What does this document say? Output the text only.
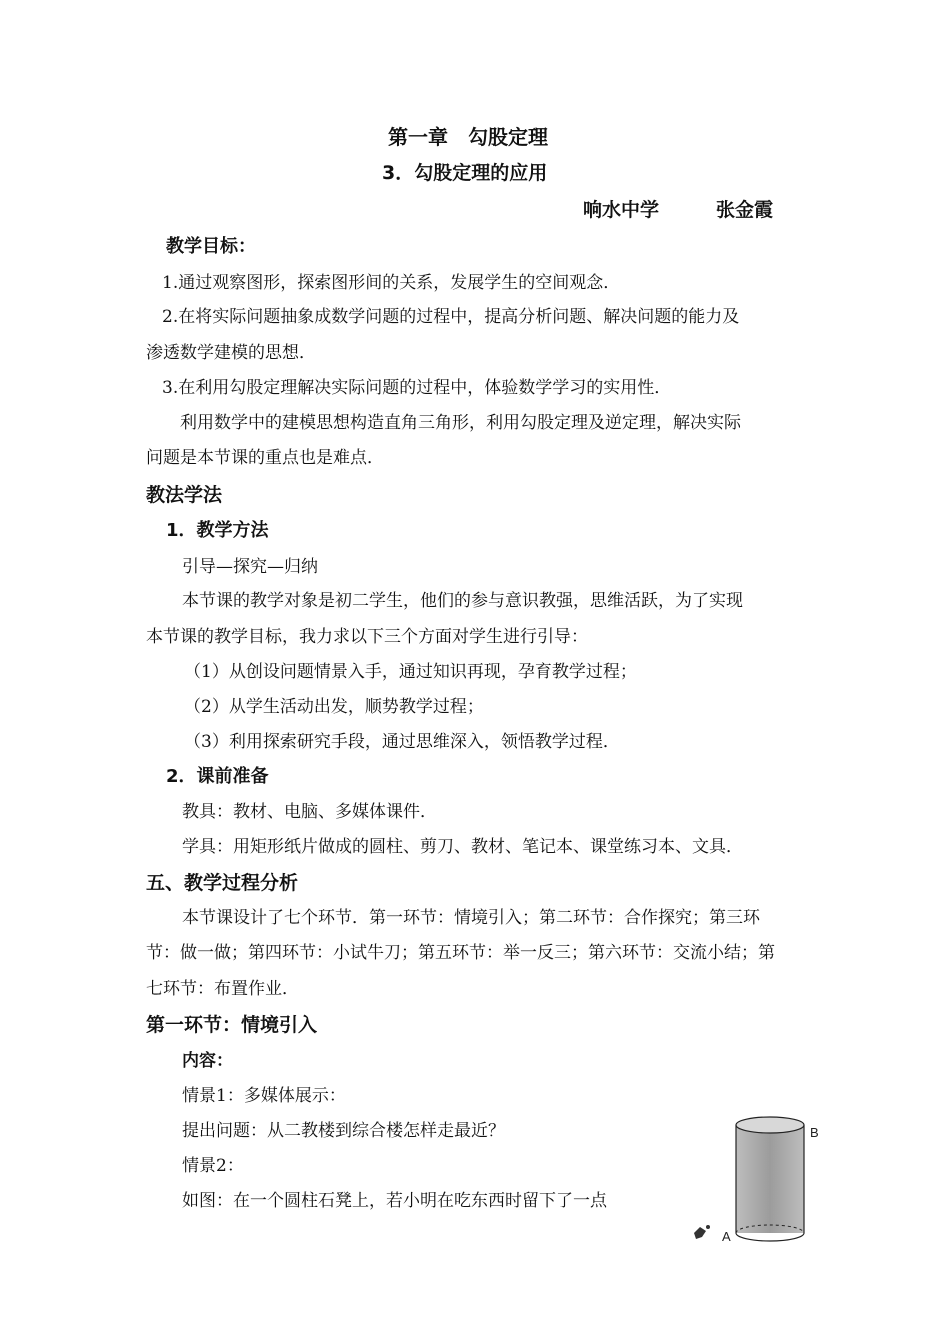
第一章　勾股定理
3．勾股定理的应用
响水中学	张金霞
教学目标：
1.通过观察图形，探索图形间的关系，发展学生的空间观念．
2.在将实际问题抽象成数学问题的过程中，提高分析问题、解决问题的能力及
渗透数学建模的思想．
3.在利用勾股定理解决实际问题的过程中，体验数学学习的实用性．
利用数学中的建模思想构造直角三角形，利用勾股定理及逆定理，解决实际
问题是本节课的重点也是难点．
教法学法
1．教学方法
引导—探究—归纳
本节课的教学对象是初二学生，他们的参与意识教强，思维活跃，为了实现
本节课的教学目标，我力求以下三个方面对学生进行引导：
（1）从创设问题情景入手，通过知识再现，孕育教学过程；
（2）从学生活动出发，顺势教学过程；
（3）利用探索研究手段，通过思维深入，领悟教学过程．
2．课前准备
教具：教材、电脑、多媒体课件．
学具：用矩形纸片做成的圆柱、剪刀、教材、笔记本、课堂练习本、文具．
五、教学过程分析
本节课设计了七个环节．第一环节：情境引入；第二环节：合作探究；第三环
节：做一做；第四环节：小试牛刀；第五环节：举一反三；第六环节：交流小结；第
七环节：布置作业．
第一环节：情境引入
内容：
情景1：多媒体展示：
提出问题：从二教楼到综合楼怎样走最近？
情景2：
如图：在一个圆柱石凳上，若小明在吃东西时留下了一点
B
A
